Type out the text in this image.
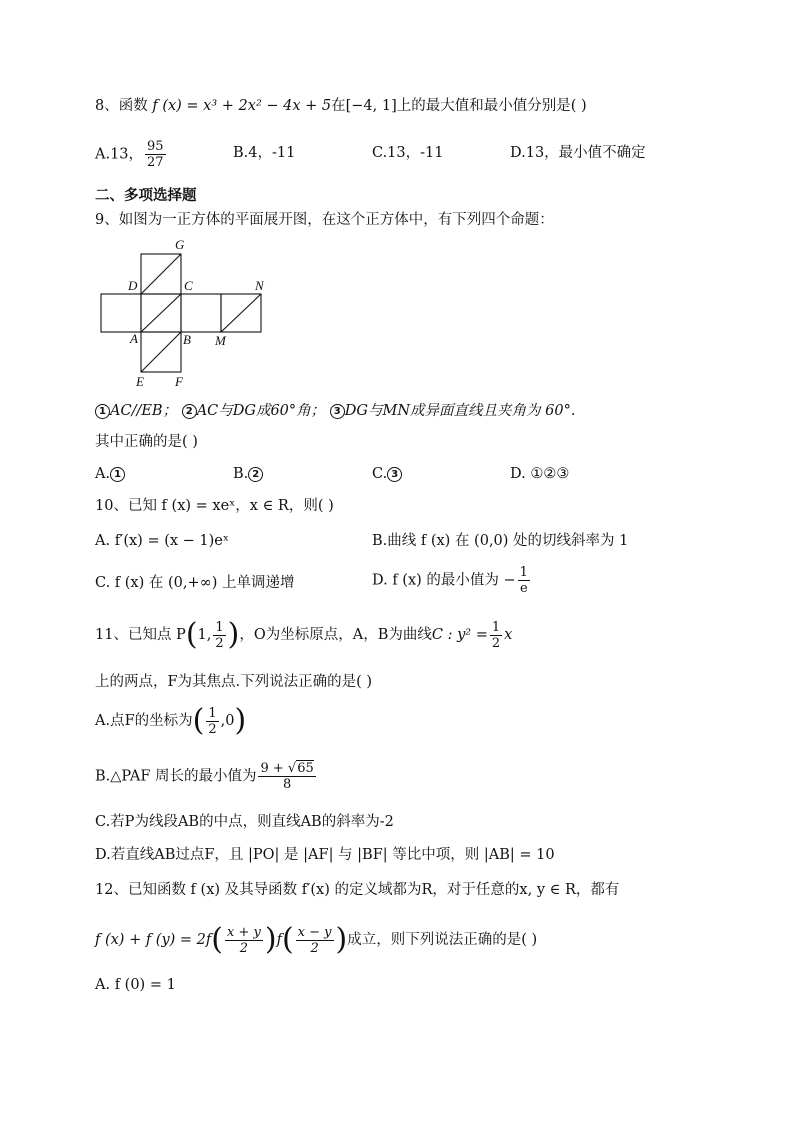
8、函数 f (x) = x³ + 2x² − 4x + 5在[−4, 1]上的最大值和最小值分别是( )
A.13， $\frac{95}{27}$	B.4，-11	C.13，-11	D.13，最小值不确定
二、多项选择题
9、如图为一正方体的平面展开图，在这个正方体中，有下列四个命题：
G
D	C	N
A	B M
E F
1 AC//EB； 2 AC与DG成60°角； 3 DG与MN成异面直线且夹角为 60°.
其中正确的是( )
A. 1	B. 2	C. 3	D. ①②③
10、已知 f (x) = xeˣ，x ∈ R，则( )
A. f′(x) = (x − 1)eˣ	B.曲线 f (x) 在 (0,0) 处的切线斜率为 1
C. f (x) 在 (0,+∞) 上单调递增	D. f (x) 的最小值为 − $\frac{1}{e}$
11、已知点 P(1, $\frac{1}{2}$ )，O为坐标原点，A，B为曲线C : $y^2 = \frac{1}{2}$ x
上的两点，F为其焦点.下列说法正确的是( )
A.点F的坐标为( $\frac{1}{2} ,0$)
B.△PAF 周长的最小值为 $\frac{9 + √65}{8}$
C.若P为线段AB的中点，则直线AB的斜率为-2
D.若直线AB过点F，且 |PO| 是 |AF| 与 |BF| 等比中项，则 |AB| = 10
12、已知函数 f (x) 及其导函数 f′(x) 的定义域都为R，对于任意的x, y ∈ R，都有
f (x) + f $(y) = 2f( \frac{x + y}{2} )f( \frac{x - y}{2}$ )成立，则下列说法正确的是( )
A. f (0) = 1
